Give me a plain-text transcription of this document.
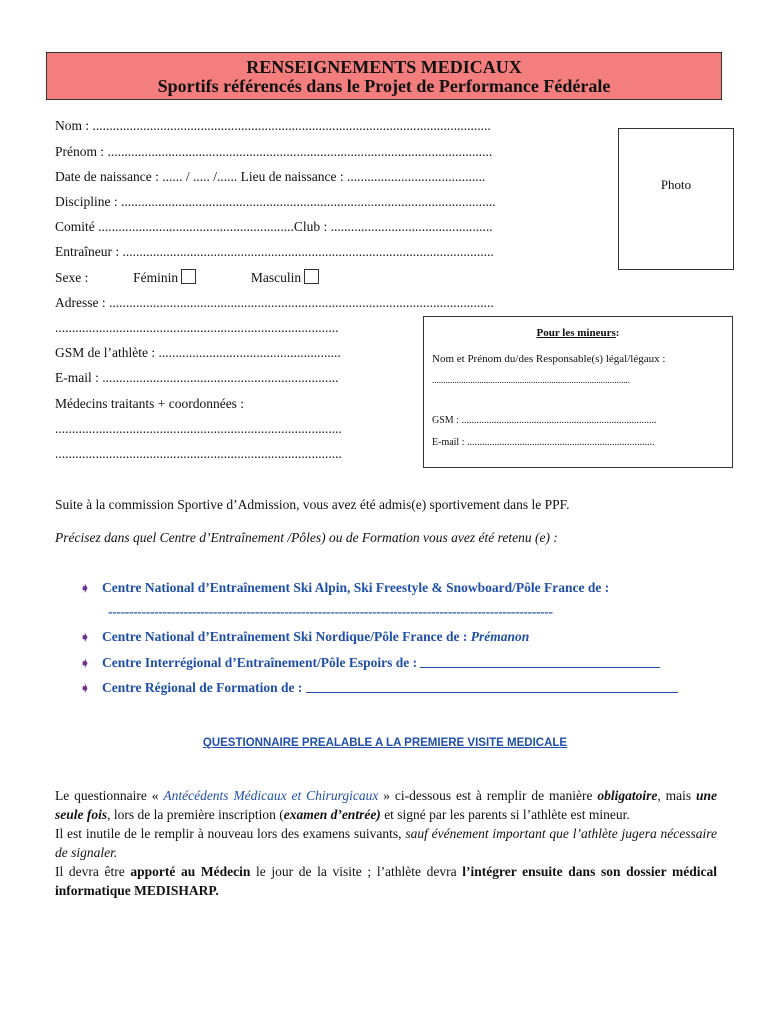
RENSEIGNEMENTS MEDICAUX
Sportifs référencés dans le Projet de Performance Fédérale
Nom : ......................................................................................................................
Prénom : ..................................................................................................................
Date de naissance : ...... / ..... /...... Lieu de naissance : .........................................
Discipline : ...............................................................................................................
Comité ..........................................................Club : ................................................
Entraîneur : ..............................................................................................................
Sexe :	Féminin	Masculin
Adresse : ..................................................................................................................
....................................................................................
GSM de l’athlète : ......................................................
E-mail : ......................................................................
Médecins traitants + coordonnées :
.....................................................................................
.....................................................................................
Photo
Pour les mineurs:
Nom et Prénom du/des Responsable(s) légal/légaux :
........................................................................................
GSM : ..............................................................................
E-mail : ...........................................................................
Suite à la commission Sportive d’Admission, vous avez été admis(e) sportivement dans le PPF.
Précisez dans quel Centre d’Entraînement /Pôles) ou de Formation vous avez été retenu (e) :
➧ Centre National d’Entraînement Ski Alpin, Ski Freestyle & Snowboard/Pôle France de :
----------------------------------------------------------------------------------------------------------
➧ Centre National d’Entraînement Ski Nordique/Pôle France de : Prémanon
➧ Centre Interrégional d’Entraînement/Pôle Espoirs de :
➧ Centre Régional de Formation de :
QUESTIONNAIRE PREALABLE A LA PREMIERE VISITE MEDICALE
Le questionnaire « Antécédents Médicaux et Chirurgicaux » ci-dessous est à remplir de manière obligatoire, mais une seule fois, lors de la première inscription (examen d’entrée) et signé par les parents si l’athlète est mineur.
Il est inutile de le remplir à nouveau lors des examens suivants, sauf événement important que l’athlète jugera nécessaire de signaler.
Il devra être apporté au Médecin le jour de la visite ; l’athlète devra l’intégrer ensuite dans son dossier médical informatique MEDISHARP.
